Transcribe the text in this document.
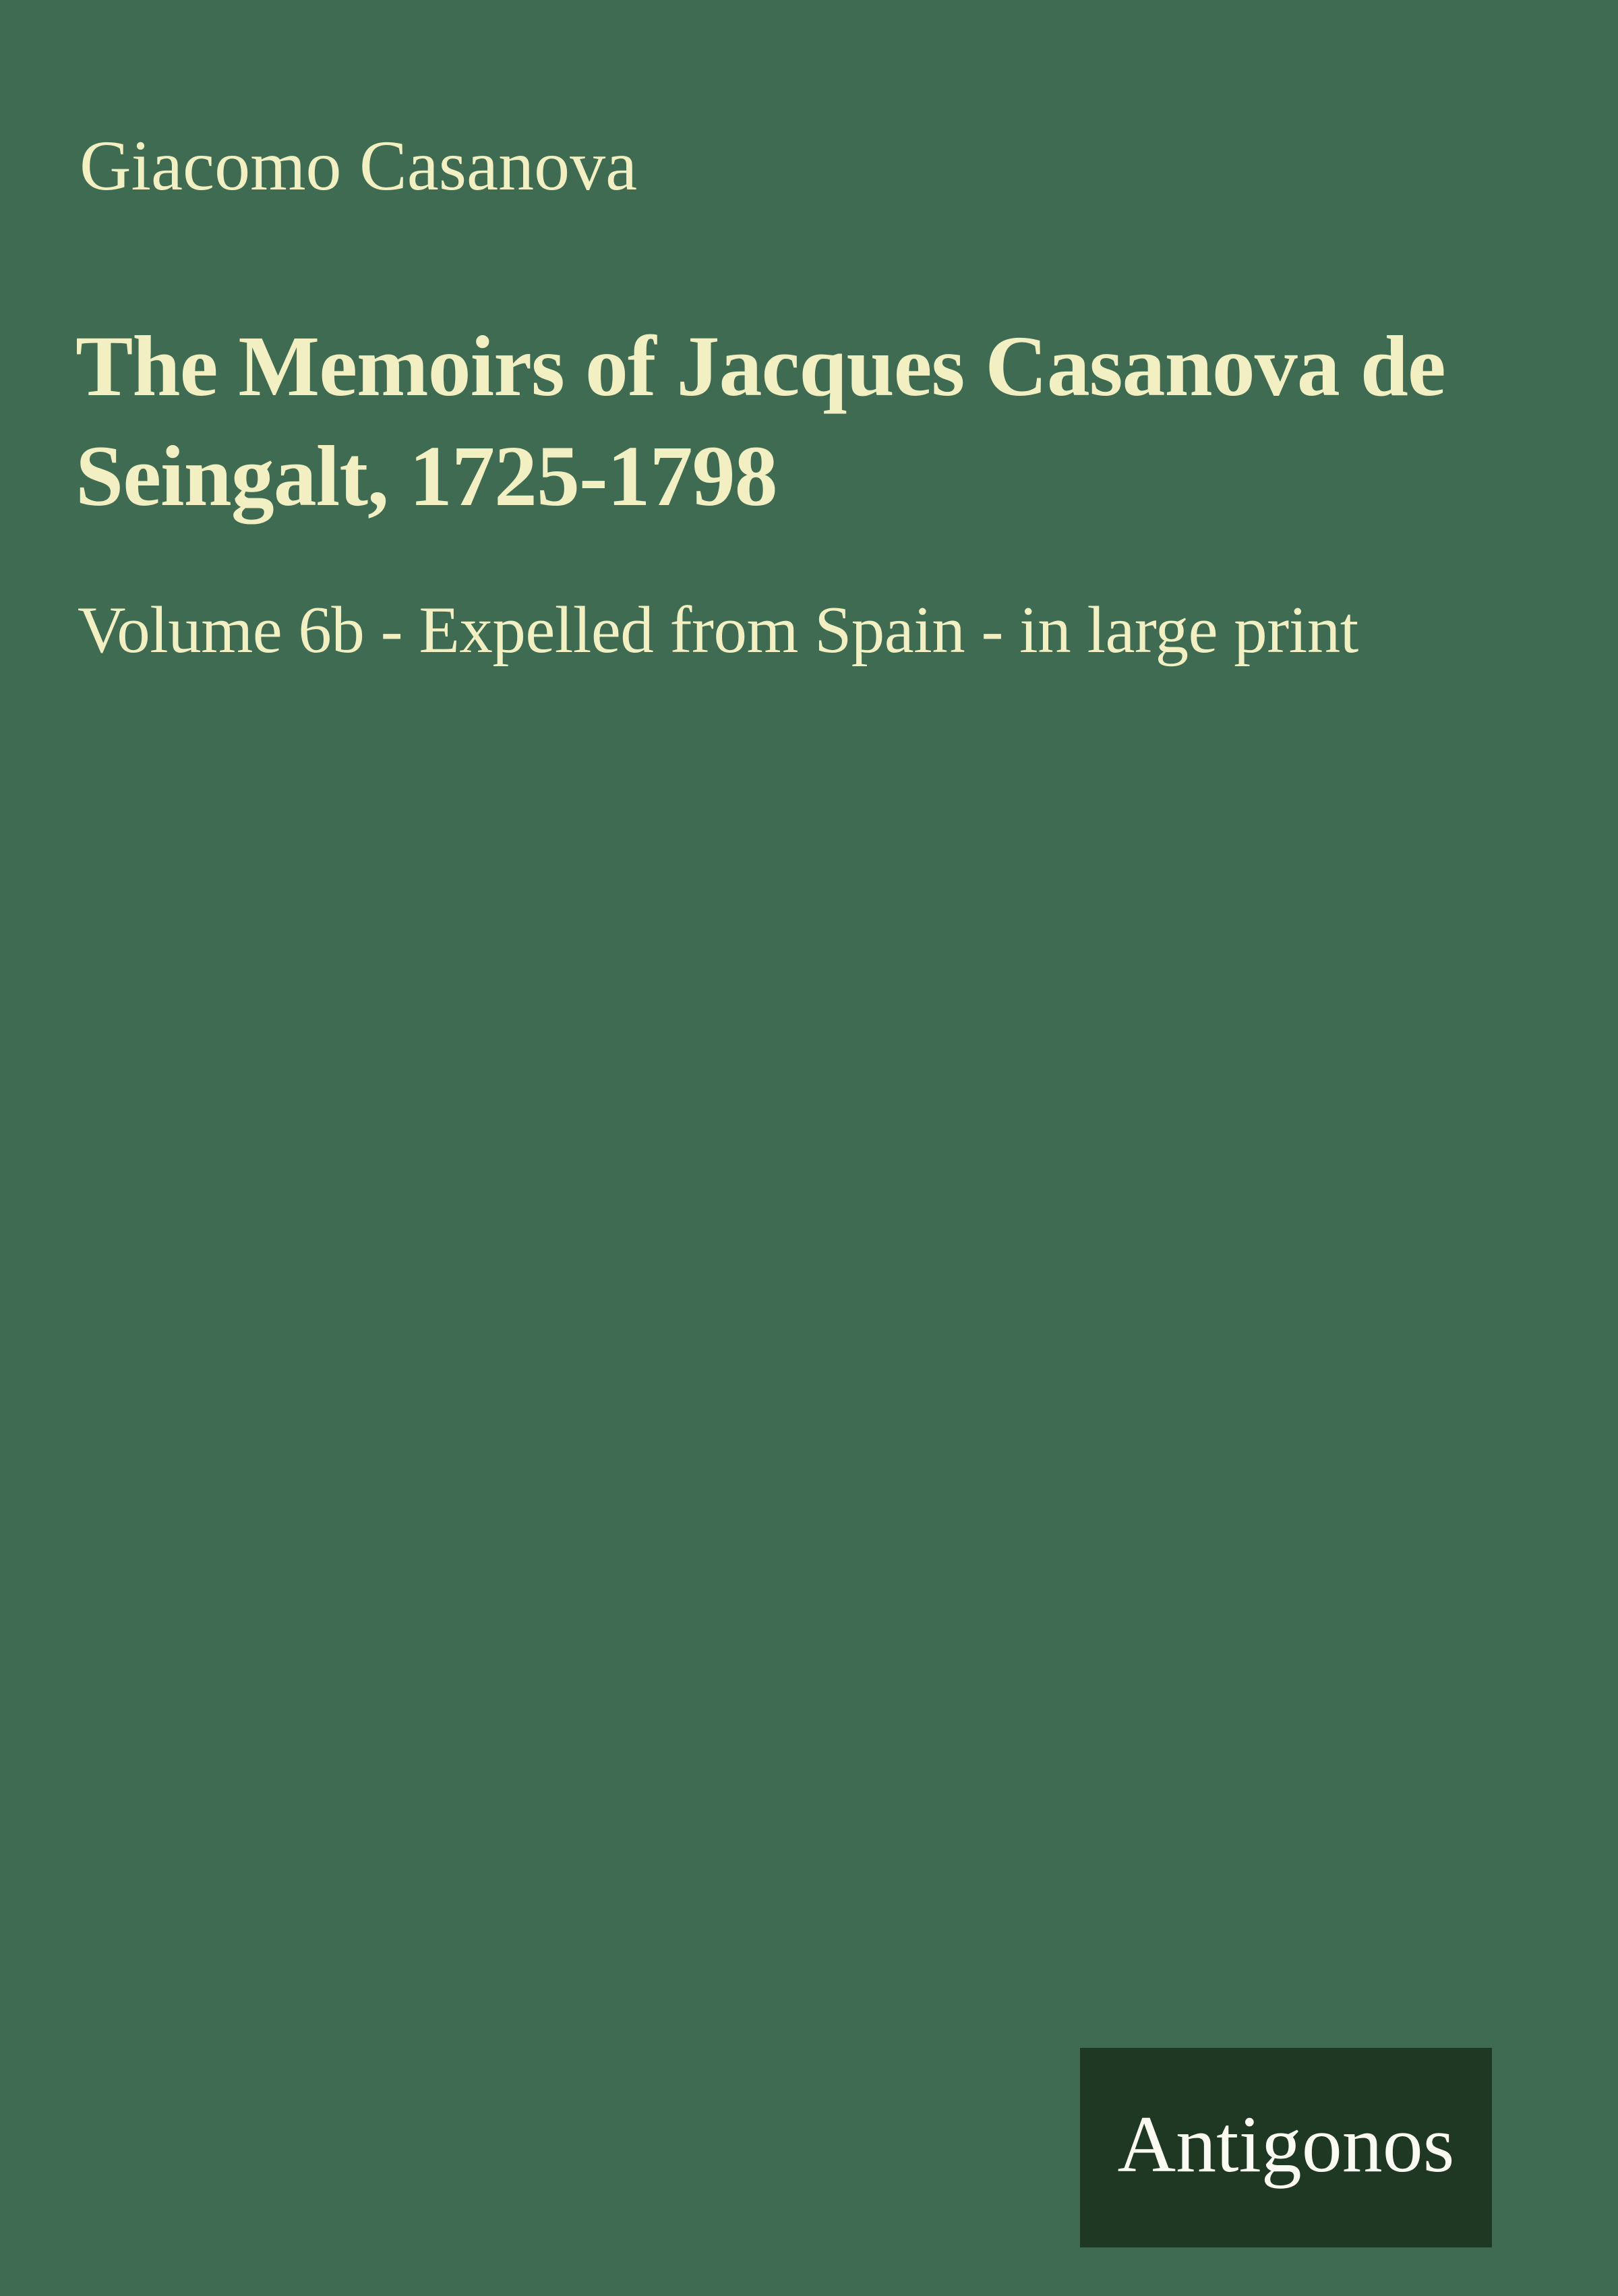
Giacomo Casanova
The Memoirs of Jacques Casanova de
Seingalt, 1725-1798
Volume 6b - Expelled from Spain - in large print
Antigonos
